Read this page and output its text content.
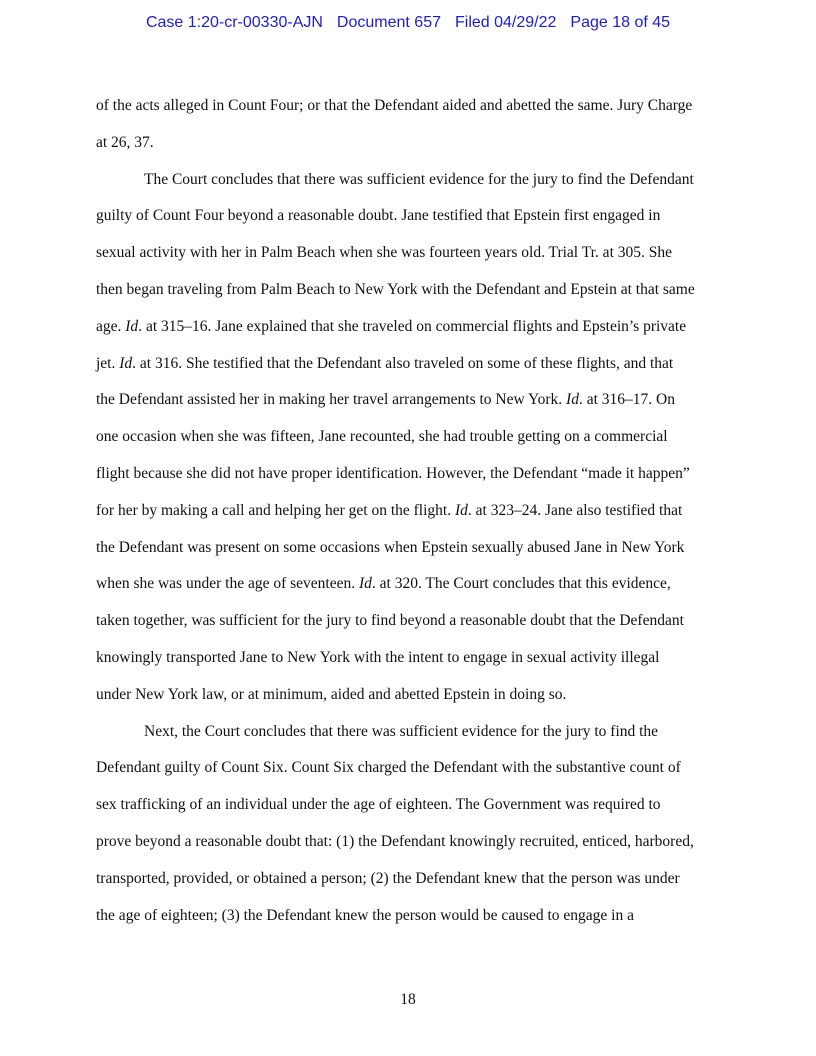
Case 1:20-cr-00330-AJN Document 657 Filed 04/29/22 Page 18 of 45
of the acts alleged in Count Four; or that the Defendant aided and abetted the same. Jury Charge
at 26, 37.
The Court concludes that there was sufficient evidence for the jury to find the Defendant
guilty of Count Four beyond a reasonable doubt. Jane testified that Epstein first engaged in
sexual activity with her in Palm Beach when she was fourteen years old. Trial Tr. at 305. She
then began traveling from Palm Beach to New York with the Defendant and Epstein at that same
age. Id. at 315–16. Jane explained that she traveled on commercial flights and Epstein’s private
jet. Id. at 316. She testified that the Defendant also traveled on some of these flights, and that
the Defendant assisted her in making her travel arrangements to New York. Id. at 316–17. On
one occasion when she was fifteen, Jane recounted, she had trouble getting on a commercial
flight because she did not have proper identification. However, the Defendant “made it happen”
for her by making a call and helping her get on the flight. Id. at 323–24. Jane also testified that
the Defendant was present on some occasions when Epstein sexually abused Jane in New York
when she was under the age of seventeen. Id. at 320. The Court concludes that this evidence,
taken together, was sufficient for the jury to find beyond a reasonable doubt that the Defendant
knowingly transported Jane to New York with the intent to engage in sexual activity illegal
under New York law, or at minimum, aided and abetted Epstein in doing so.
Next, the Court concludes that there was sufficient evidence for the jury to find the
Defendant guilty of Count Six. Count Six charged the Defendant with the substantive count of
sex trafficking of an individual under the age of eighteen. The Government was required to
prove beyond a reasonable doubt that: (1) the Defendant knowingly recruited, enticed, harbored,
transported, provided, or obtained a person; (2) the Defendant knew that the person was under
the age of eighteen; (3) the Defendant knew the person would be caused to engage in a
18
